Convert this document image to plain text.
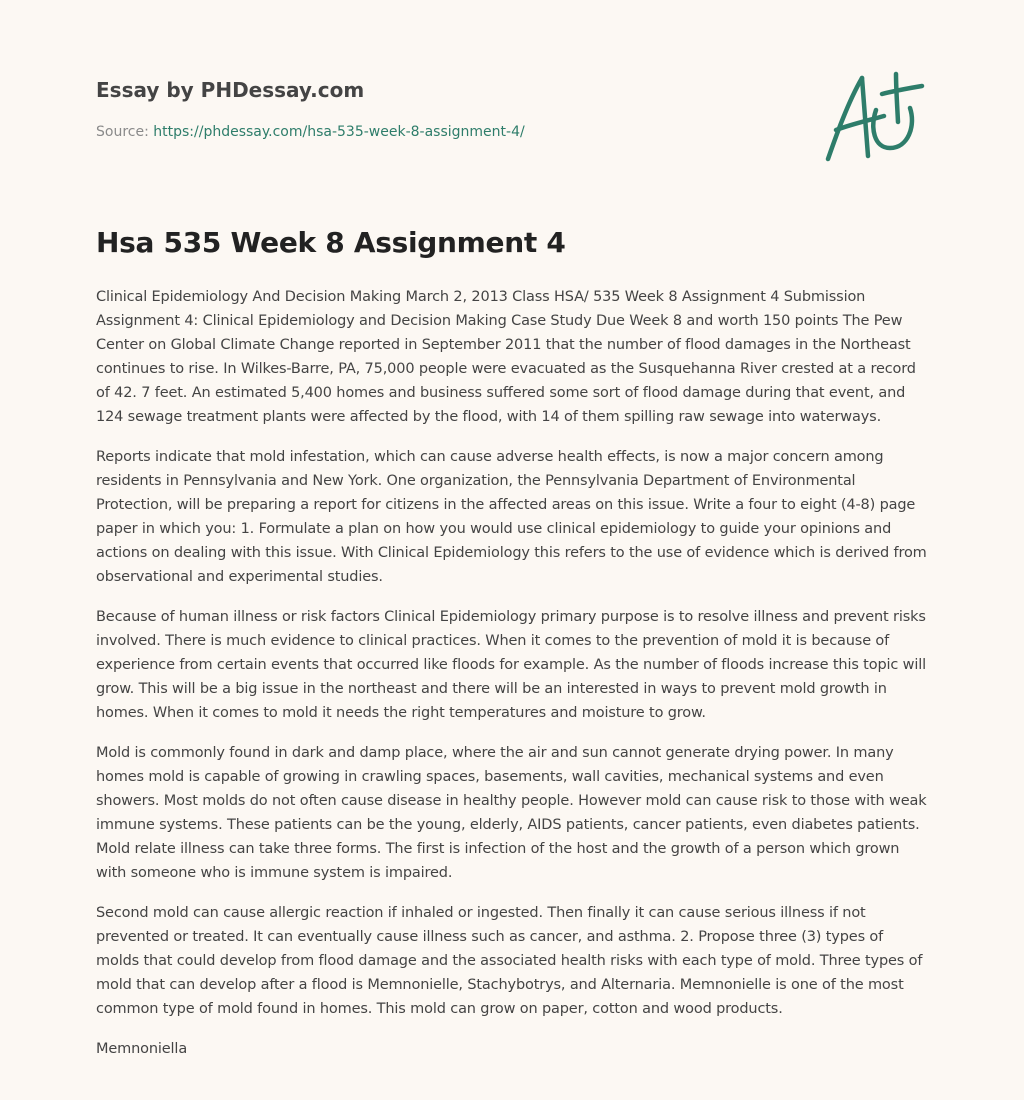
Essay by PHDessay.com
Source: https://phdessay.com/hsa-535-week-8-assignment-4/
Hsa 535 Week 8 Assignment 4

Clinical Epidemiology And Decision Making March 2, 2013 Class HSA/ 535 Week 8 Assignment 4 Submission Assignment 4: Clinical Epidemiology and Decision Making Case Study Due Week 8 and worth 150 points The Pew Center on Global Climate Change reported in September 2011 that the number of flood damages in the Northeast continues to rise. In Wilkes-Barre, PA, 75,000 people were evacuated as the Susquehanna River crested at a record of 42. 7 feet. An estimated 5,400 homes and business suffered some sort of flood damage during that event, and 124 sewage treatment plants were affected by the flood, with 14 of them spilling raw sewage into waterways.

Reports indicate that mold infestation, which can cause adverse health effects, is now a major concern among residents in Pennsylvania and New York. One organization, the Pennsylvania Department of Environmental Protection, will be preparing a report for citizens in the affected areas on this issue. Write a four to eight (4-8) page paper in which you: 1. Formulate a plan on how you would use clinical epidemiology to guide your opinions and actions on dealing with this issue. With Clinical Epidemiology this refers to the use of evidence which is derived from observational and experimental studies.

Because of human illness or risk factors Clinical Epidemiology primary purpose is to resolve illness and prevent risks involved. There is much evidence to clinical practices. When it comes to the prevention of mold it is because of experience from certain events that occurred like floods for example. As the number of floods increase this topic will grow. This will be a big issue in the northeast and there will be an interested in ways to prevent mold growth in homes. When it comes to mold it needs the right temperatures and moisture to grow.

Mold is commonly found in dark and damp place, where the air and sun cannot generate drying power. In many homes mold is capable of growing in crawling spaces, basements, wall cavities, mechanical systems and even showers. Most molds do not often cause disease in healthy people. However mold can cause risk to those with weak immune systems. These patients can be the young, elderly, AIDS patients, cancer patients, even diabetes patients. Mold relate illness can take three forms. The first is infection of the host and the growth of a person which grown with someone who is immune system is impaired.

Second mold can cause allergic reaction if inhaled or ingested. Then finally it can cause serious illness if not prevented or treated. It can eventually cause illness such as cancer, and asthma. 2. Propose three (3) types of molds that could develop from flood damage and the associated health risks with each type of mold. Three types of mold that can develop after a flood is Memnonielle, Stachybotrys, and Alternaria. Memnonielle is one of the most common type of mold found in homes. This mold can grow on paper, cotton and wood products.

Memnoniella
